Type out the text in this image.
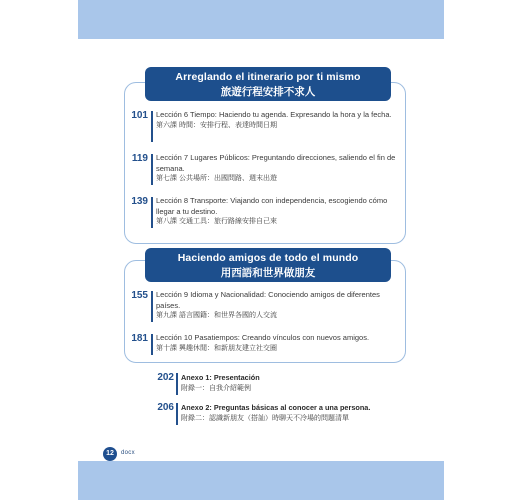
Arreglando el itinerario por ti mismo
旅遊行程安排不求人
101 Lección 6 Tiempo: Haciendo tu agenda. Expresando la hora y la fecha.
第六課 時間：安排行程、表達時間日期
119 Lección 7 Lugares Públicos: Preguntando direcciones, saliendo el fin de semana.
第七課 公共場所：出國問路、週末出遊
139 Lección 8 Transporte: Viajando con independencia, escogiendo cómo llegar a tu destino.
第八課 交通工具：旅行路線安排自己來
Haciendo amigos de todo el mundo
用西語和世界做朋友
155 Lección 9 Idioma y Nacionalidad: Conociendo amigos de diferentes países.
第九課 語言國籍：和世界各國的人交流
181 Lección 10 Pasatiempos: Creando vínculos con nuevos amigos.
第十課 興趣休閒：和新朋友建立社交圈
202 Anexo 1: Presentación
附錄一：自我介紹範例
206 Anexo 2: Preguntas básicas al conocer a una persona.
附錄二：認識新朋友（搭訕）時聊天不冷場的問題清單
12	docx
